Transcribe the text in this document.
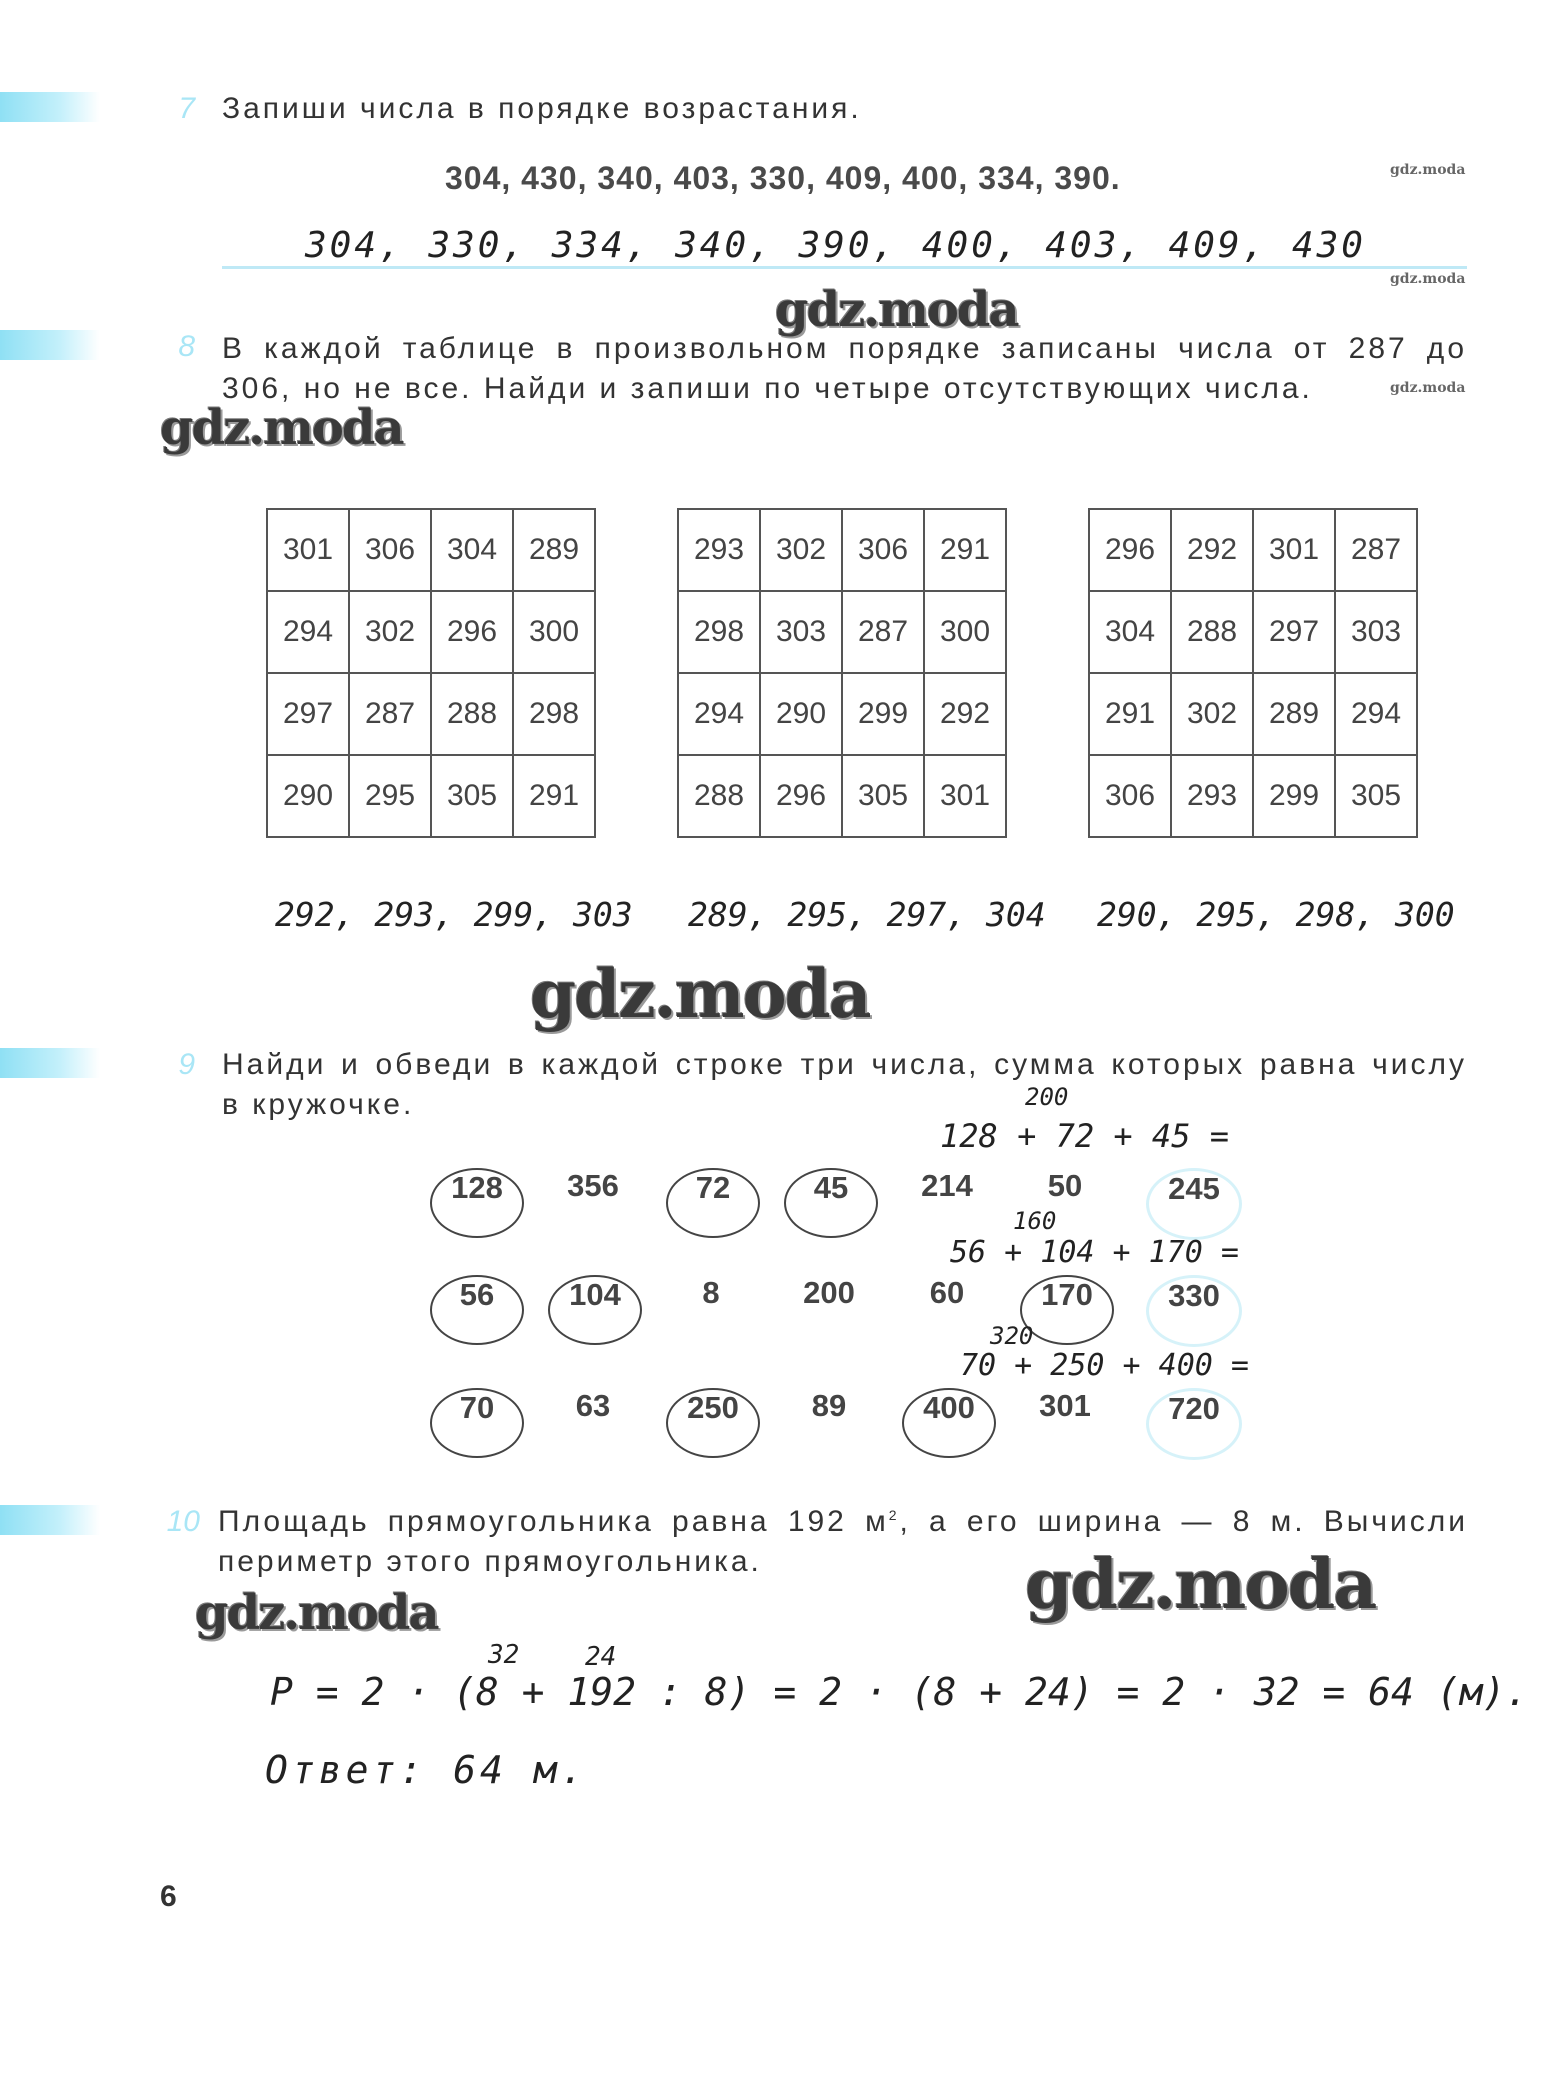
7 Запиши числа в порядке возрастания.
304, 430, 340, 403, 330, 409, 400, 334, 390.	gdz.moda
304, 330, 334, 340, 390, 400, 403, 409, 430
gdz.moda
gdz.moda
8 В каждой таблице в произвольном порядке записаны числа от 287 до
306, но не все. Найди и запиши по четыре отсутствующих числа.	gdz.moda
gdz.moda
301	306	304	289
294	302	296	300
297	287	288	298
290	295	305	291
293	302	306	291
298	303	287	300
294	290	299	292
288	296	305	301
296	292	301	287
304	288	297	303
291	302	289	294
306	293	299	305
292, 293, 299, 303 289, 295, 297, 304 290, 295, 298, 300
gdz.moda
9 Найди и обведи в каждой строке три числа, сумма которых равна числу
в кружочке.	200
128 + 72 + 45 =
128	356	72	45	214	50	245
160
56 + 104 + 170 =
56	104	8	200	60	170	330
320
70 + 250 + 400 =
70	63	250	89	400	301	720
10 Площадь прямоугольника равна 192 $м^2$, а его ширина — 8 м. Вычисли
периметр этого прямоугольника.	gdz.moda
gdz.moda
32	24
P = 2 · (8 + 192 : 8) = 2 · (8 + 24) = 2 · 32 = 64 (м).
Ответ: 64 м.
6
